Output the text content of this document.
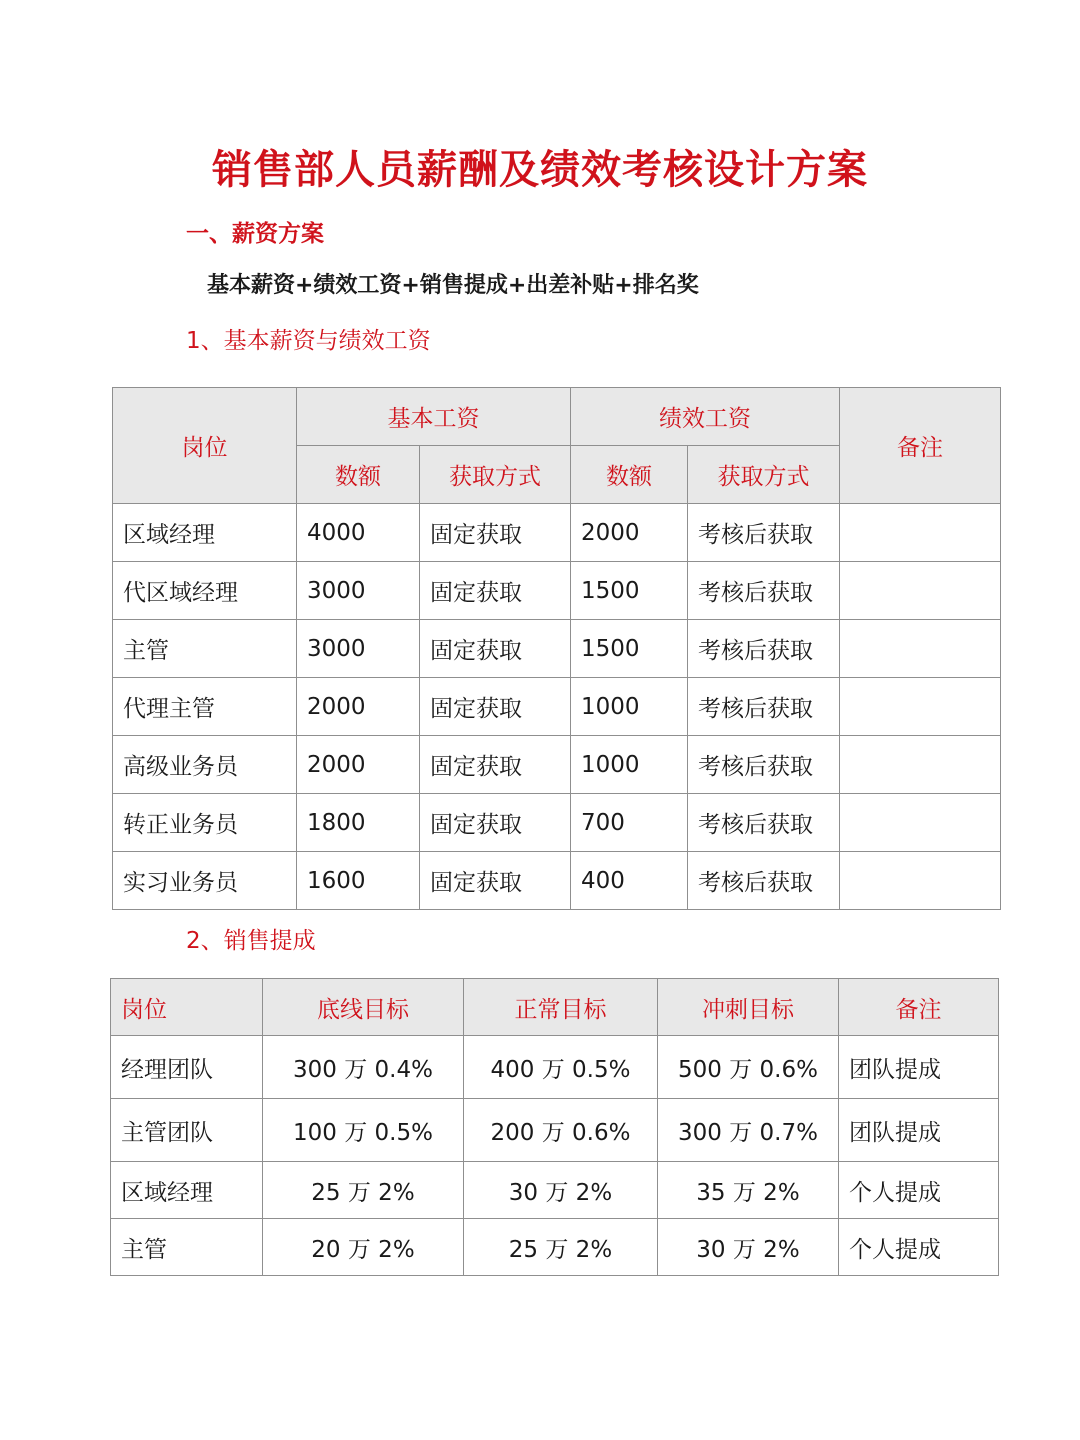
销售部人员薪酬及绩效考核设计方案
一、薪资方案
基本薪资+绩效工资+销售提成+出差补贴+排名奖
1、基本薪资与绩效工资
岗位	基本工资		绩效工资		备注
	数额	获取方式	数额	获取方式	
区域经理	4000	固定获取	2000	考核后获取	
代区域经理	3000	固定获取	1500	考核后获取	
主管	3000	固定获取	1500	考核后获取	
代理主管	2000	固定获取	1000	考核后获取	
高级业务员	2000	固定获取	1000	考核后获取	
转正业务员	1800	固定获取	700	考核后获取	
实习业务员	1600	固定获取	400	考核后获取	
2、销售提成
岗位	底线目标	正常目标	冲刺目标	备注
经理团队	300 万 0.4%	400 万 0.5%	500 万 0.6%	团队提成
主管团队	100 万 0.5%	200 万 0.6%	300 万 0.7%	团队提成
区域经理	25 万 2%	30 万 2%	35 万 2%	个人提成
主管	20 万 2%	25 万 2%	30 万 2%	个人提成
